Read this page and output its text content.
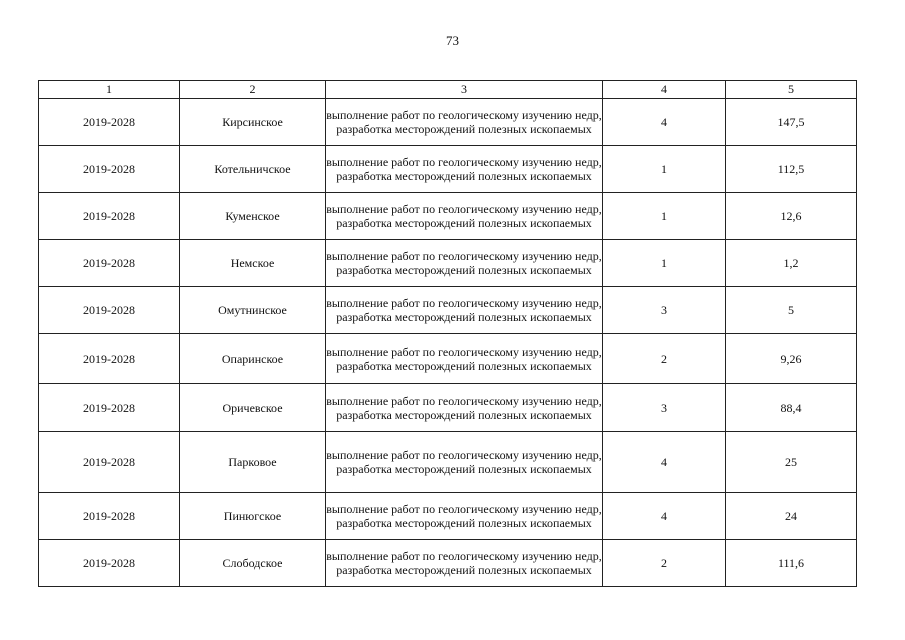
73
1	2	3	4	5
2019-2028	Кирсинское	выполнение работ по геологическому изучению недр, разработка месторождений полезных ископаемых	4	147,5
2019-2028	Котельничское	выполнение работ по геологическому изучению недр, разработка месторождений полезных ископаемых	1	112,5
2019-2028	Куменское	выполнение работ по геологическому изучению недр, разработка месторождений полезных ископаемых	1	12,6
2019-2028	Немское	выполнение работ по геологическому изучению недр, разработка месторождений полезных ископаемых	1	1,2
2019-2028	Омутнинское	выполнение работ по геологическому изучению недр, разработка месторождений полезных ископаемых	3	5
2019-2028	Опаринское	выполнение работ по геологическому изучению недр, разработка месторождений полезных ископаемых	2	9,26
2019-2028	Оричевское	выполнение работ по геологическому изучению недр, разработка месторождений полезных ископаемых	3	88,4
2019-2028	Парковое	выполнение работ по геологическому изучению недр, разработка месторождений полезных ископаемых	4	25
2019-2028	Пинюгское	выполнение работ по геологическому изучению недр, разработка месторождений полезных ископаемых	4	24
2019-2028	Слободское	выполнение работ по геологическому изучению недр, разработка месторождений полезных ископаемых	2	111,6
